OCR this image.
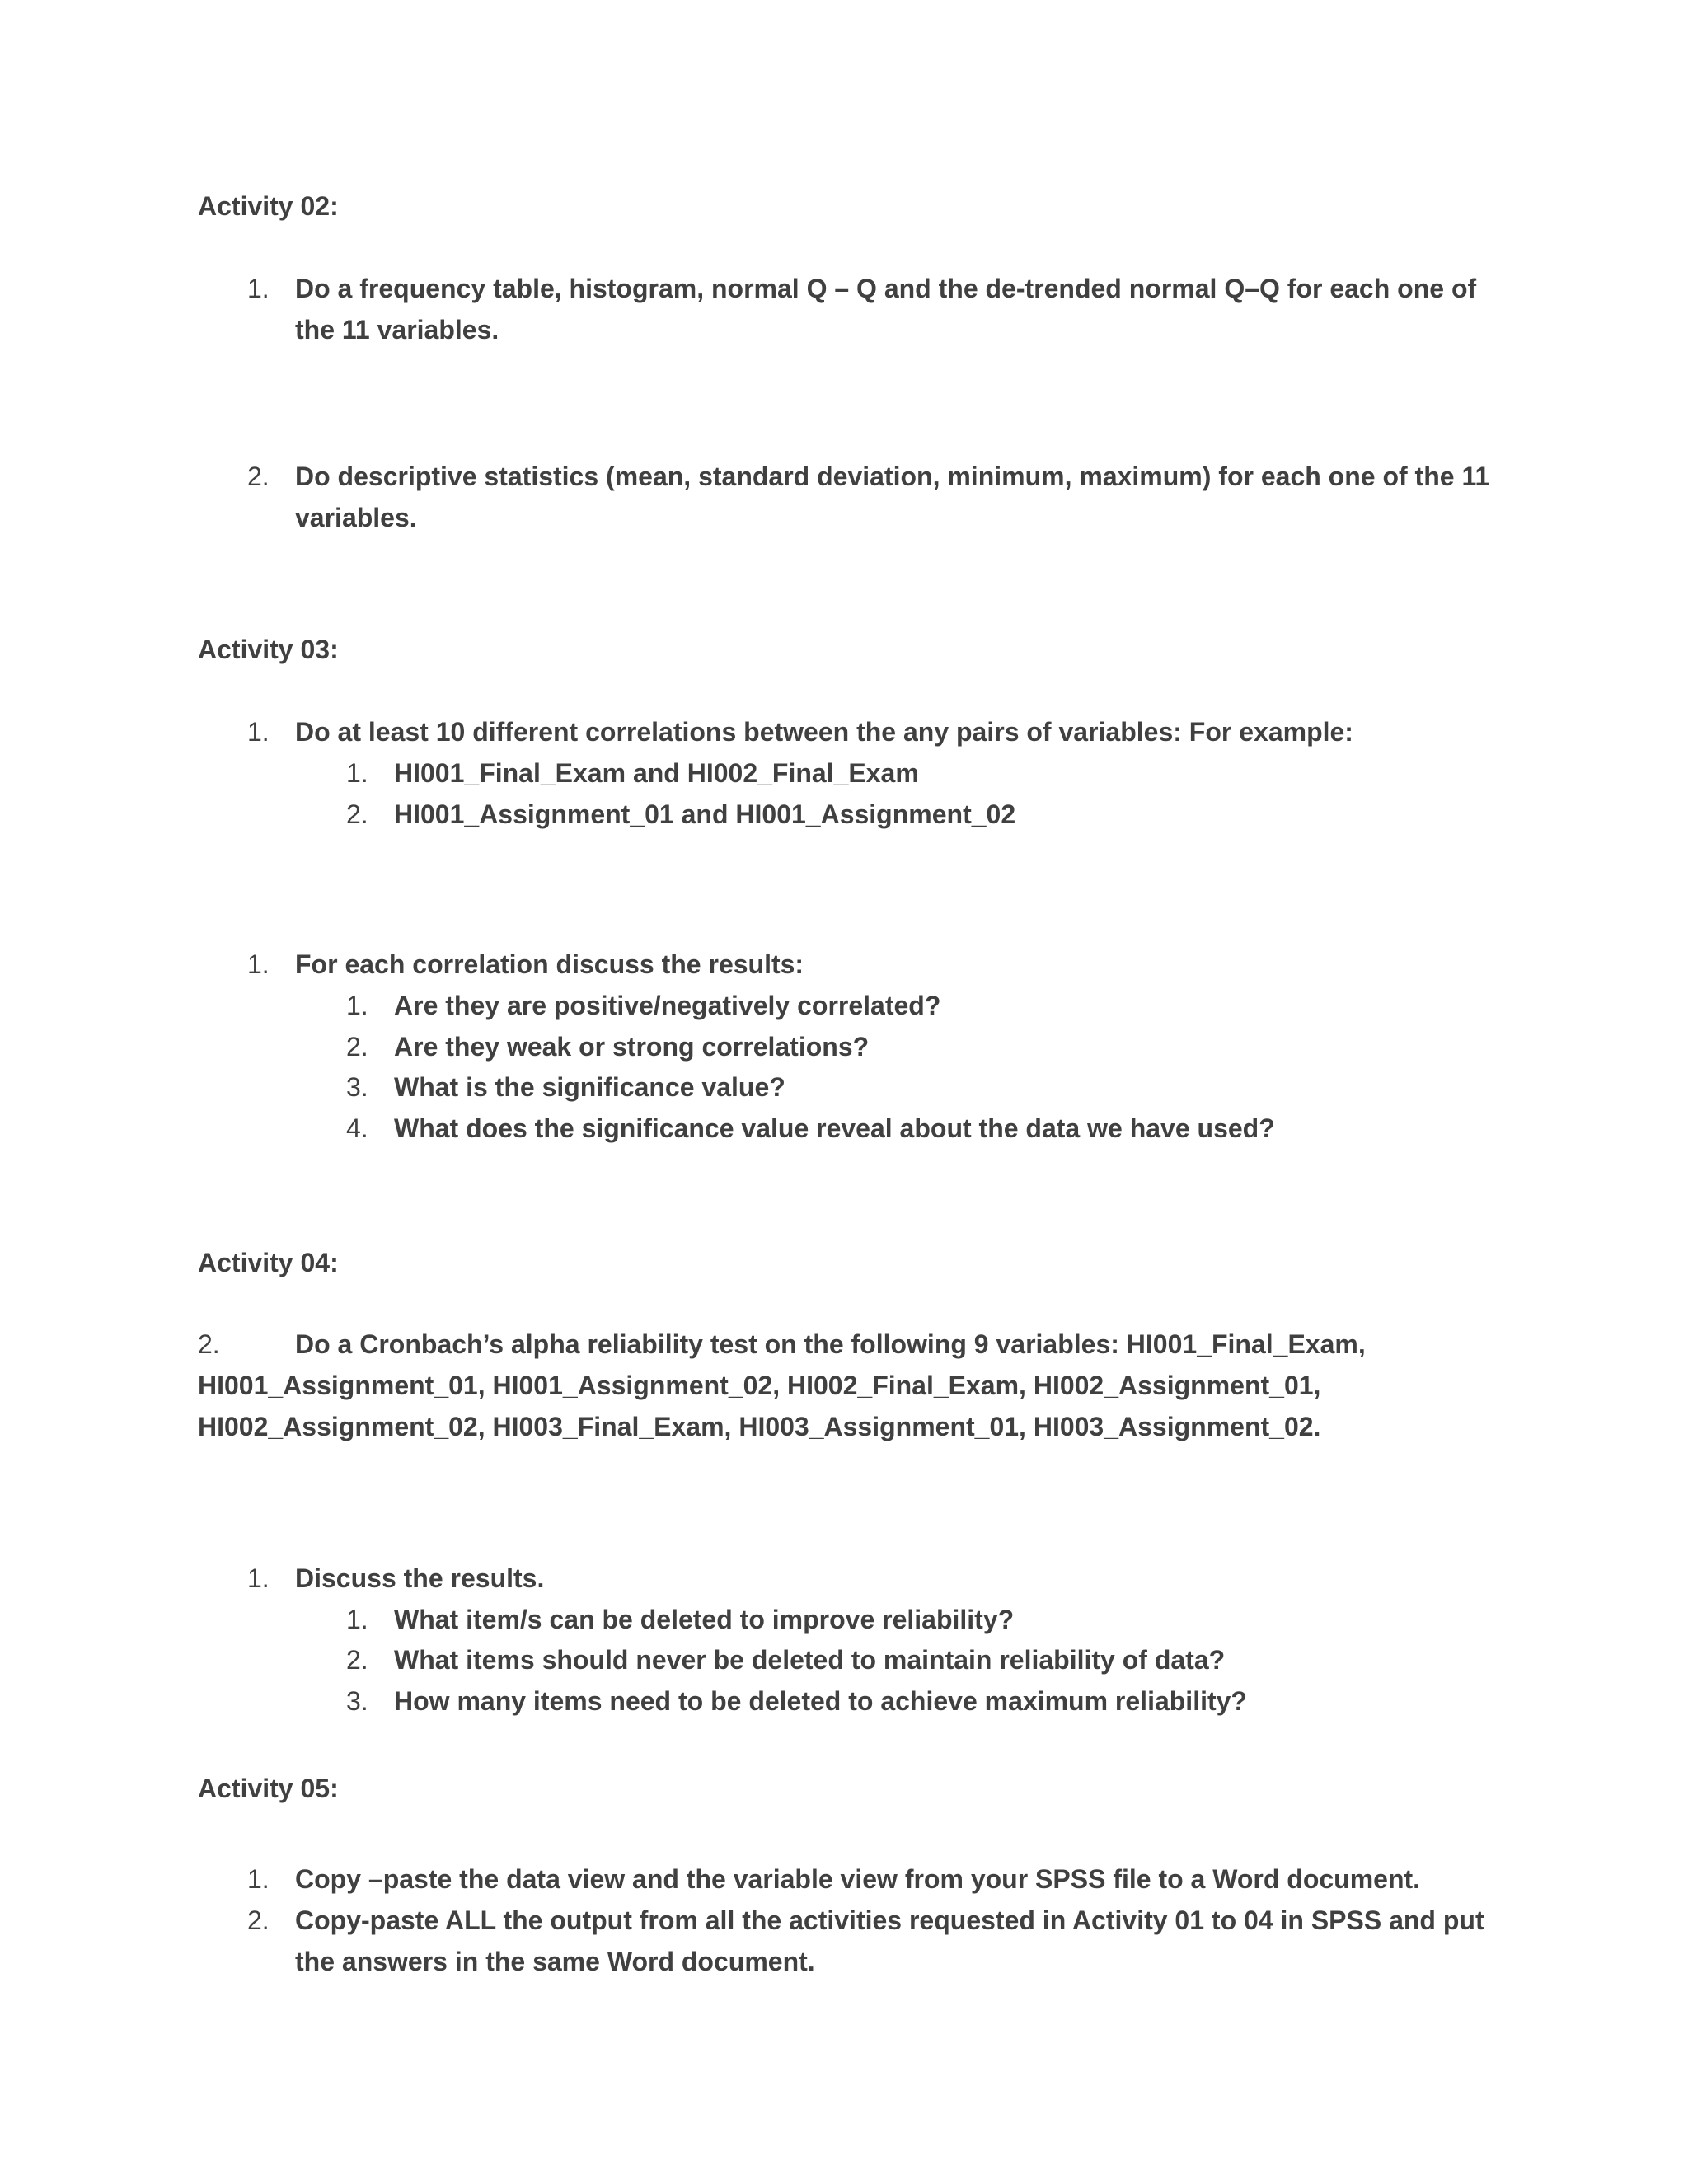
Activity 02:
1. Do a frequency table, histogram, normal Q – Q and the de-trended normal Q–Q for each one of the 11 variables.
2. Do descriptive statistics (mean, standard deviation, minimum, maximum) for each one of the 11 variables.
Activity 03:
1. Do at least 10 different correlations between the any pairs of variables: For example:
1. HI001_Final_Exam and HI002_Final_Exam
2. HI001_Assignment_01 and HI001_Assignment_02
1. For each correlation discuss the results:
1. Are they are positive/negatively correlated?
2. Are they weak or strong correlations?
3. What is the significance value?
4. What does the significance value reveal about the data we have used?
Activity 04:
2.	Do a Cronbach’s alpha reliability test on the following 9 variables: HI001_Final_Exam, HI001_Assignment_01, HI001_Assignment_02, HI002_Final_Exam, HI002_Assignment_01, HI002_Assignment_02, HI003_Final_Exam, HI003_Assignment_01, HI003_Assignment_02.
1. Discuss the results.
1. What item/s can be deleted to improve reliability?
2. What items should never be deleted to maintain reliability of data?
3. How many items need to be deleted to achieve maximum reliability?
Activity 05:
1. Copy –paste the data view and the variable view from your SPSS file to a Word document.
2. Copy-paste ALL the output from all the activities requested in Activity 01 to 04 in SPSS and put the answers in the same Word document.
